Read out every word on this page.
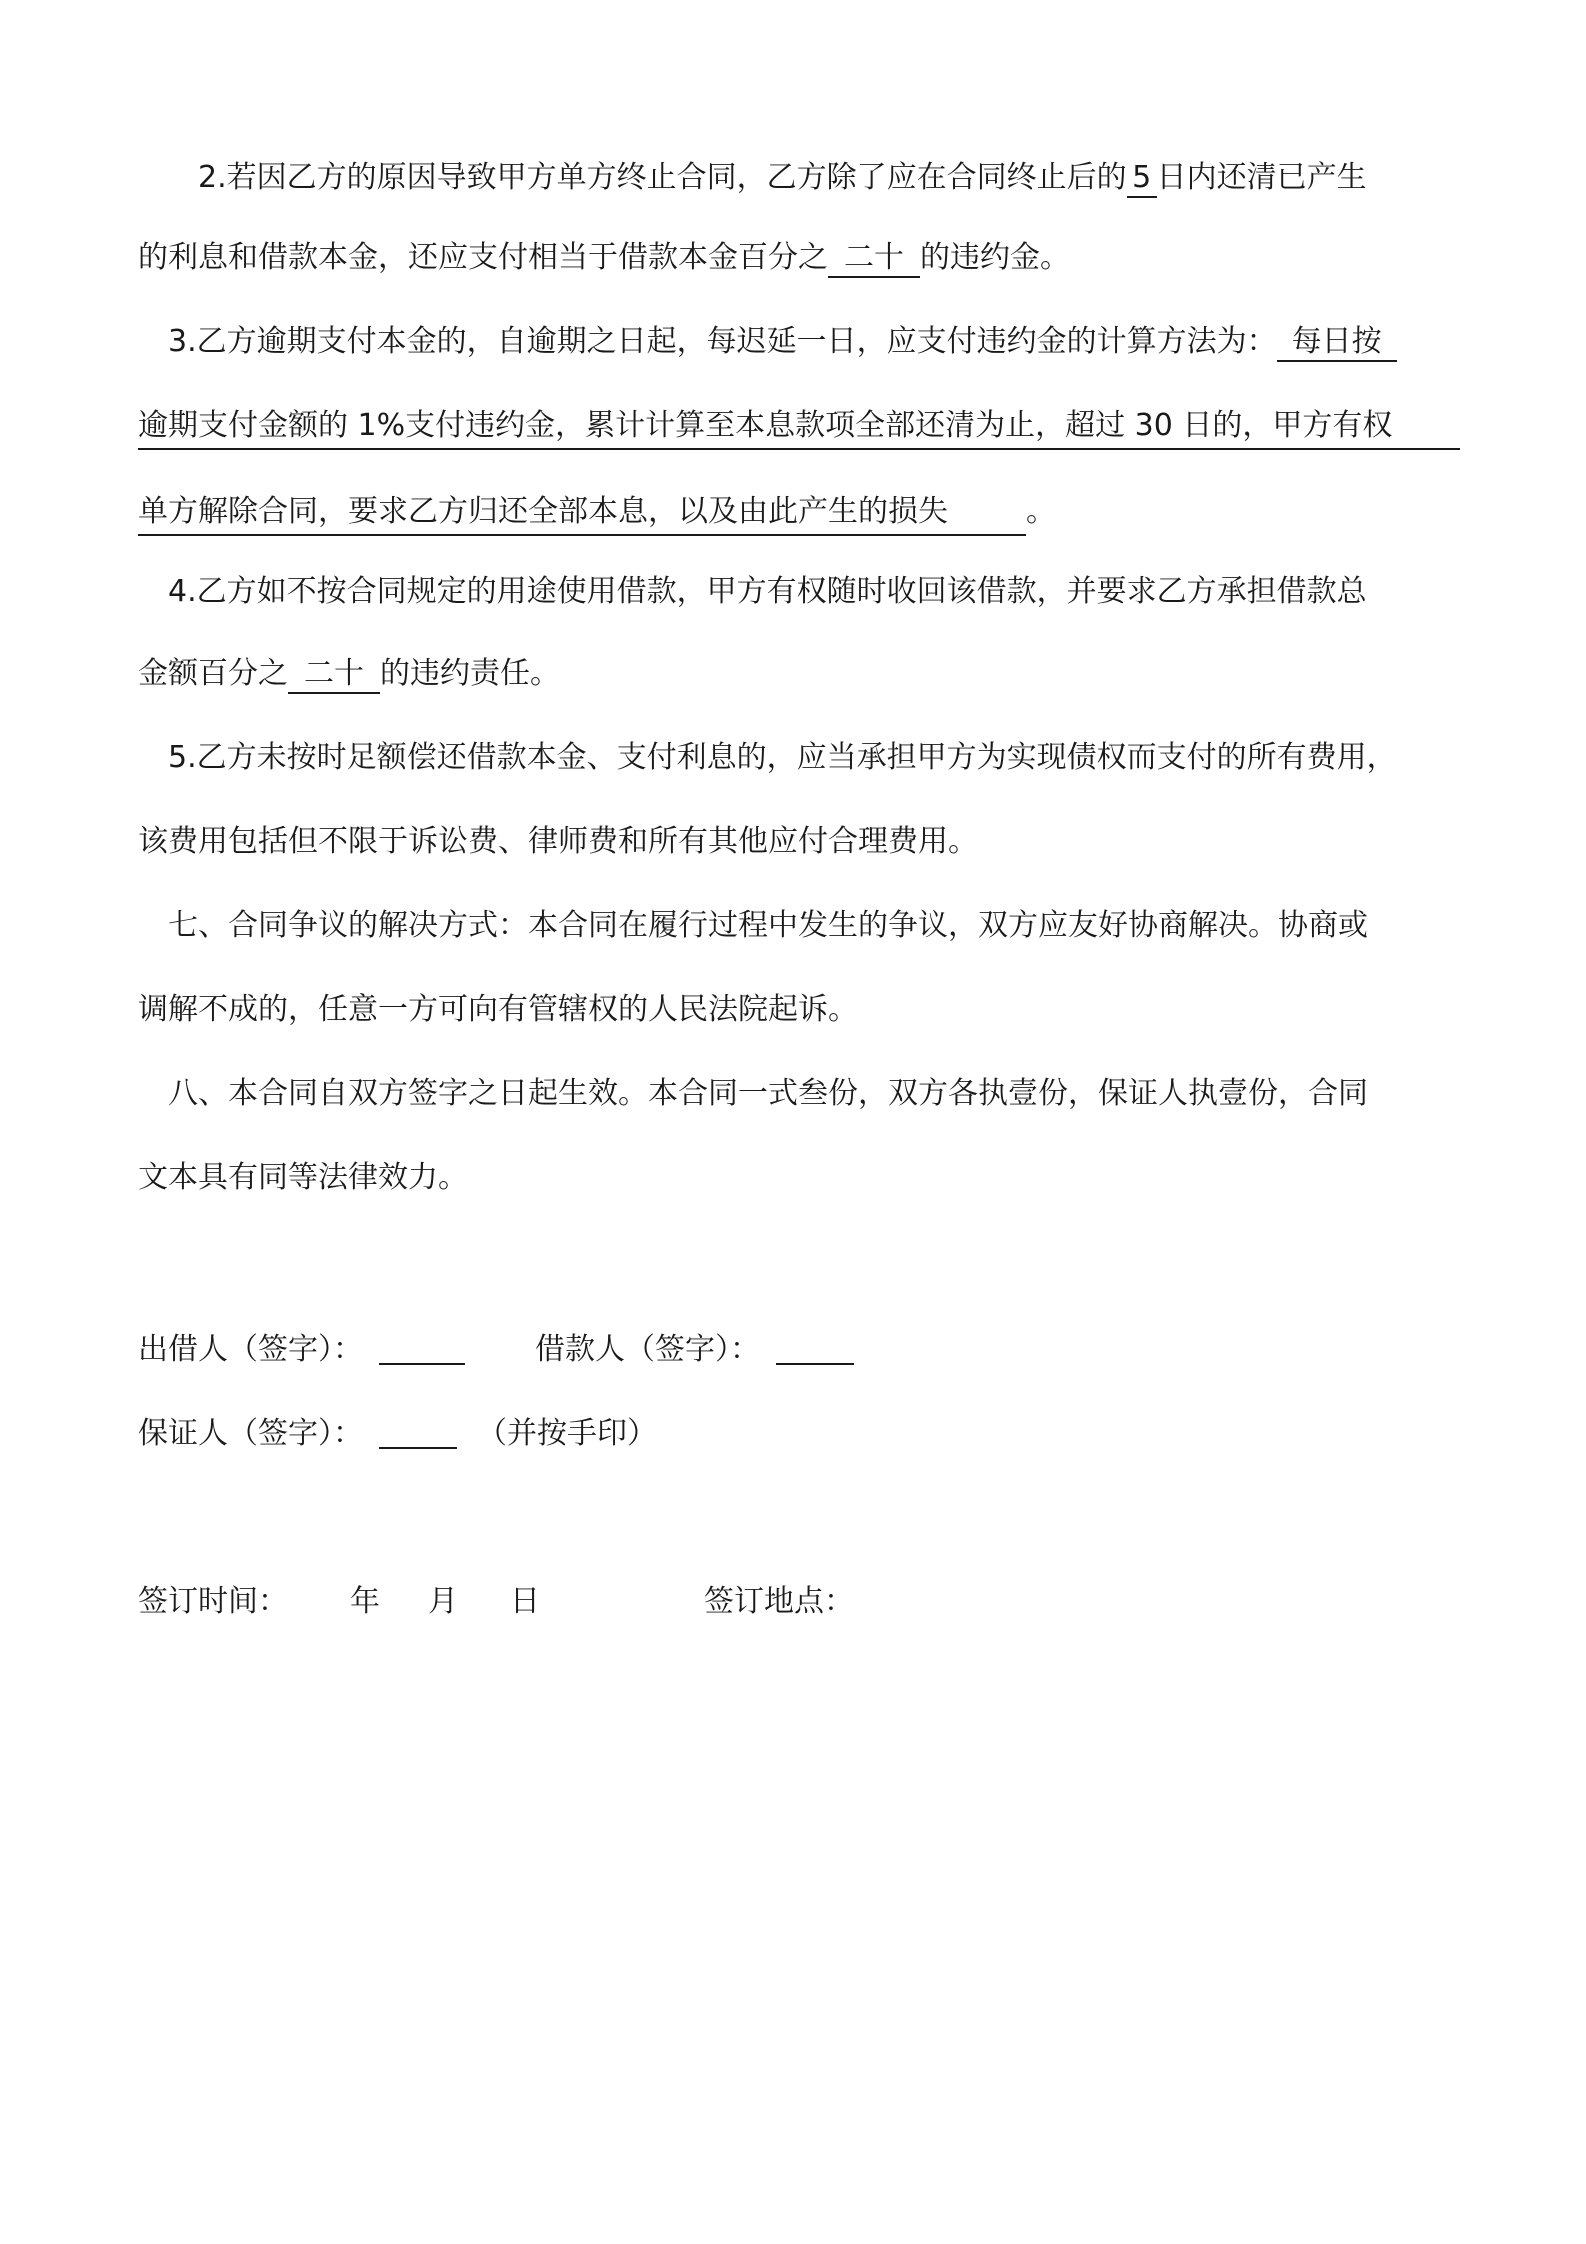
2.若因乙方的原因导致甲方单方终止合同，乙方除了应在合同终止后的 5 日内还清已产生
的利息和借款本金，还应支付相当于借款本金百分之 二十 的违约金。
3.乙方逾期支付本金的，自逾期之日起，每迟延一日，应支付违约金的计算方法为： 每日按
逾期支付金额的 1%支付违约金，累计计算至本息款项全部还清为止，超过 30 日的，甲方有权
单方解除合同，要求乙方归还全部本息，以及由此产生的损失	。
4.乙方如不按合同规定的用途使用借款，甲方有权随时收回该借款，并要求乙方承担借款总
金额百分之 二十 的违约责任。
5.乙方未按时足额偿还借款本金、支付利息的，应当承担甲方为实现债权而支付的所有费用，
该费用包括但不限于诉讼费、律师费和所有其他应付合理费用。
七、合同争议的解决方式：本合同在履行过程中发生的争议，双方应友好协商解决。协商或
调解不成的，任意一方可向有管辖权的人民法院起诉。
八、本合同自双方签字之日起生效。本合同一式叁份，双方各执壹份，保证人执壹份，合同
文本具有同等法律效力。
出借人（签字）：	借款人（签字）：
保证人（签字）：	（并按手印）
签订时间： 年 月 日	签订地点：
